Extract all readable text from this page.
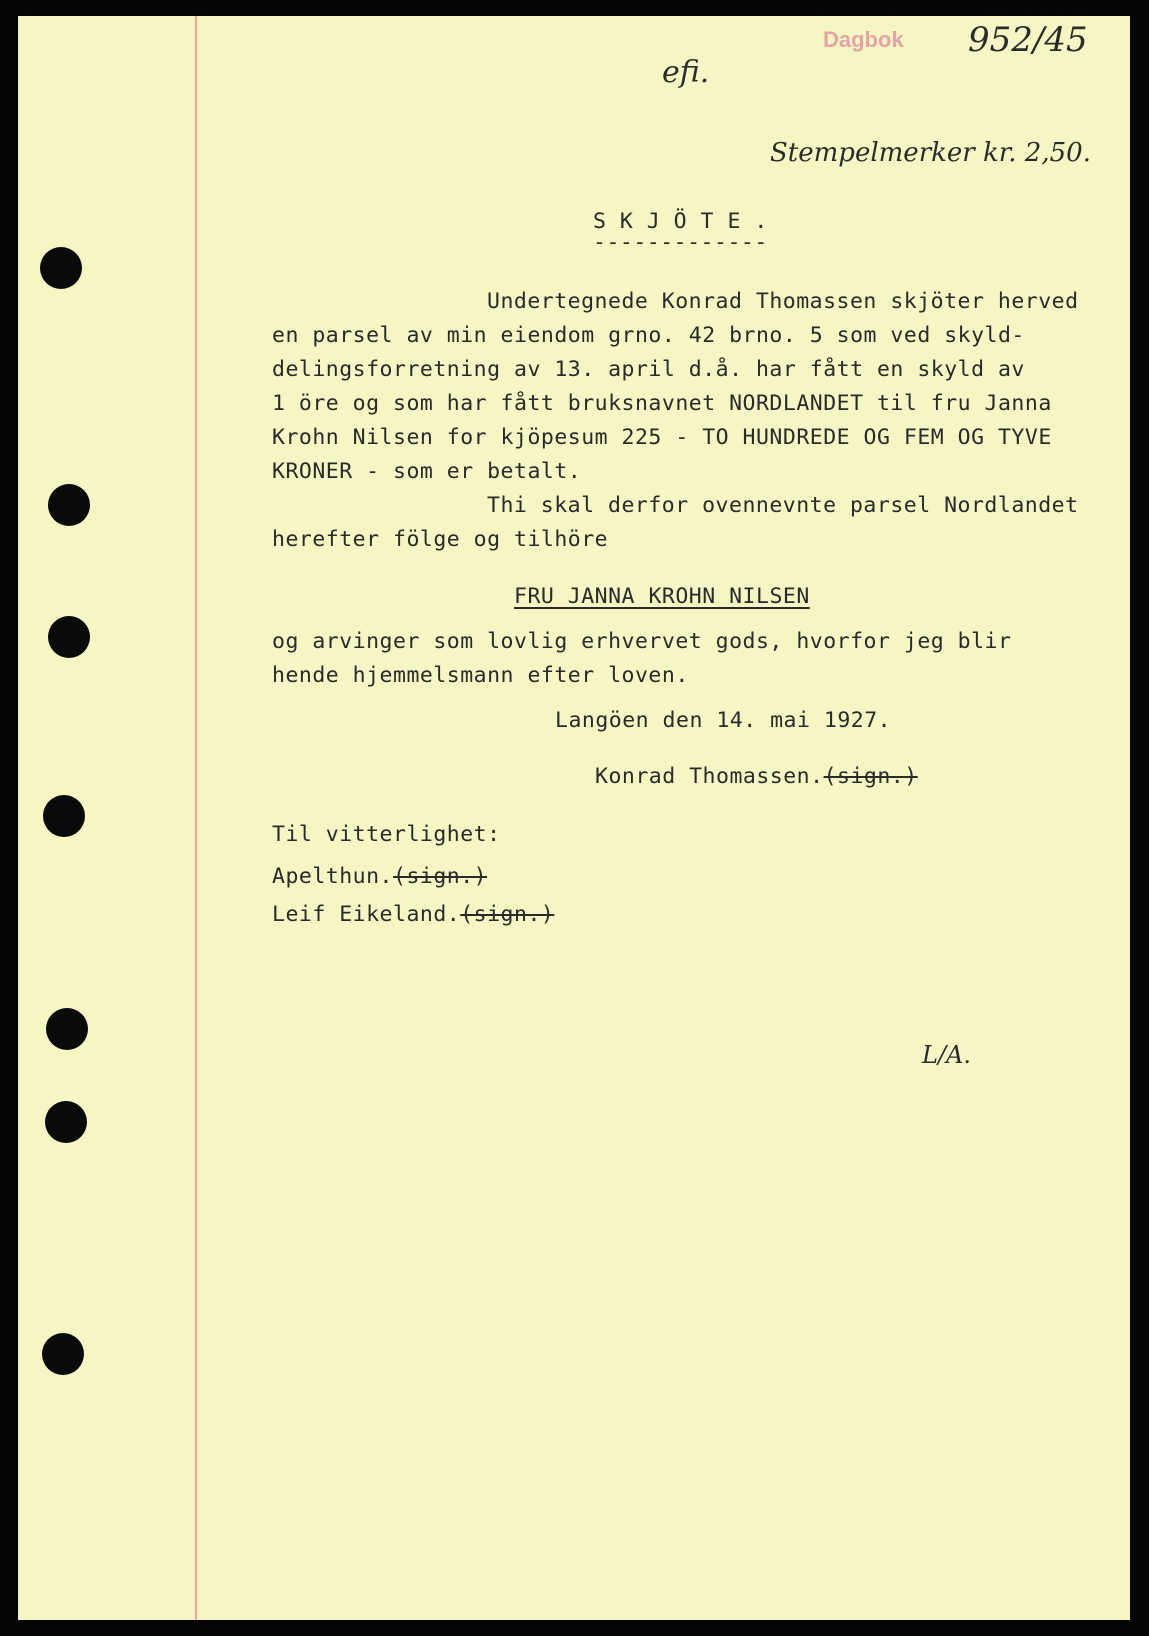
Dagbok 952/45
efi.
Stempelmerker kr. 2,50.
S K J Ö T E .
-------------
Undertegnede Konrad Thomassen skjöter herved
en parsel av min eiendom grno. 42 brno. 5 som ved skyld-
delingsforretning av 13. april d.å. har fått en skyld av
1 öre og som har fått bruksnavnet NORDLANDET til fru Janna
Krohn Nilsen for kjöpesum 225 - TO HUNDREDE OG FEM OG TYVE
KRONER - som er betalt.
Thi skal derfor ovennevnte parsel Nordlandet
herefter fölge og tilhöre
FRU JANNA KROHN NILSEN
og arvinger som lovlig erhvervet gods, hvorfor jeg blir
hende hjemmelsmann efter loven.
Langöen den 14. mai 1927.
Konrad Thomassen.(sign.)
Til vitterlighet:
Apelthun.(sign.)
Leif Eikeland.(sign.)
L/A.
